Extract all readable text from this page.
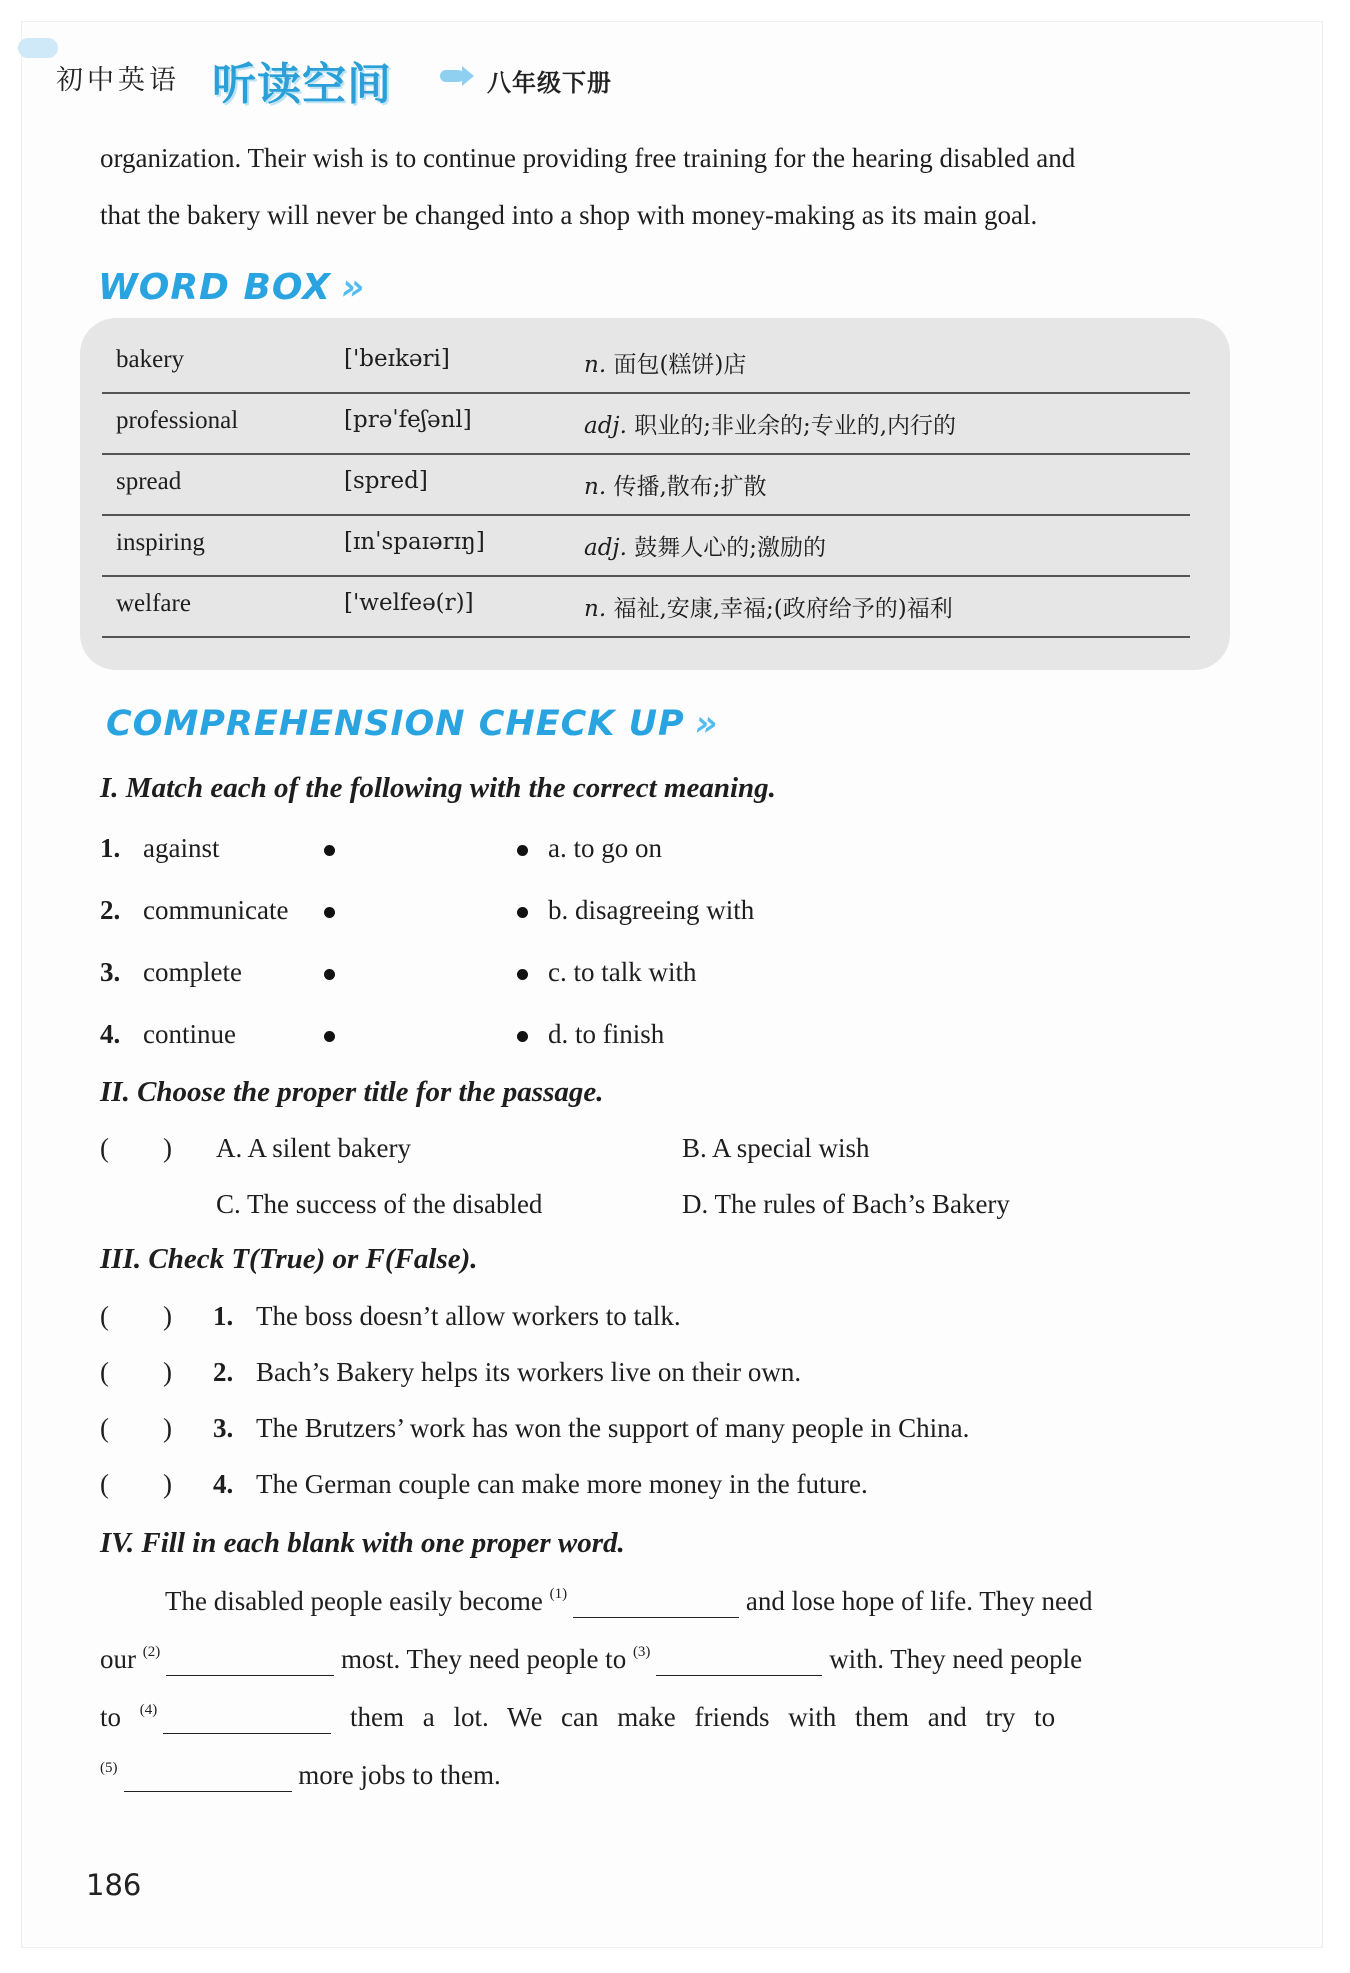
初中英语 听读空间	八年级下册
organization. Their wish is to continue providing free training for the hearing disabled and
that the bakery will never be changed into a shop with money-making as its main goal.
WORD BOX »
bakery	['beɪkəri]	n. 面包(糕饼)店
professional	[prəˈfeʃənl]	adj. 职业的;非业余的;专业的,内行的
spread	[spred]	n. 传播,散布;扩散
inspiring	[ɪnˈspaɪərɪŋ]	adj. 鼓舞人心的;激励的
welfare	['welfeə(r)]	n. 福祉,安康,幸福;(政府给予的)福利
COMPREHENSION CHECK UP »
I. Match each of the following with the correct meaning.
1. against	a. to go on
2. communicate	b. disagreeing with
3. complete	c. to talk with
4. continue	d. to finish
II. Choose the proper title for the passage.
(        ) A. A silent bakery	B. A special wish
C. The success of the disabled	D. The rules of Bach’s Bakery
III. Check T(True) or F(False).
(        ) 1. The boss doesn’t allow workers to talk.
(        ) 2. Bach’s Bakery helps its workers live on their own.
(        ) 3. The Brutzers’ work has won the support of many people in China.
(        ) 4. The German couple can make more money in the future.
IV. Fill in each blank with one proper word.
The disabled people easily become $^{(1)}$	and lose hope of life. They need
our $^{(2)}$	most. They need people to $^{(3)}$	with. They need people
to $^{(4)}$	them a lot. We can make friends with them and try to
$^{(5)}$	more jobs to them.
186
